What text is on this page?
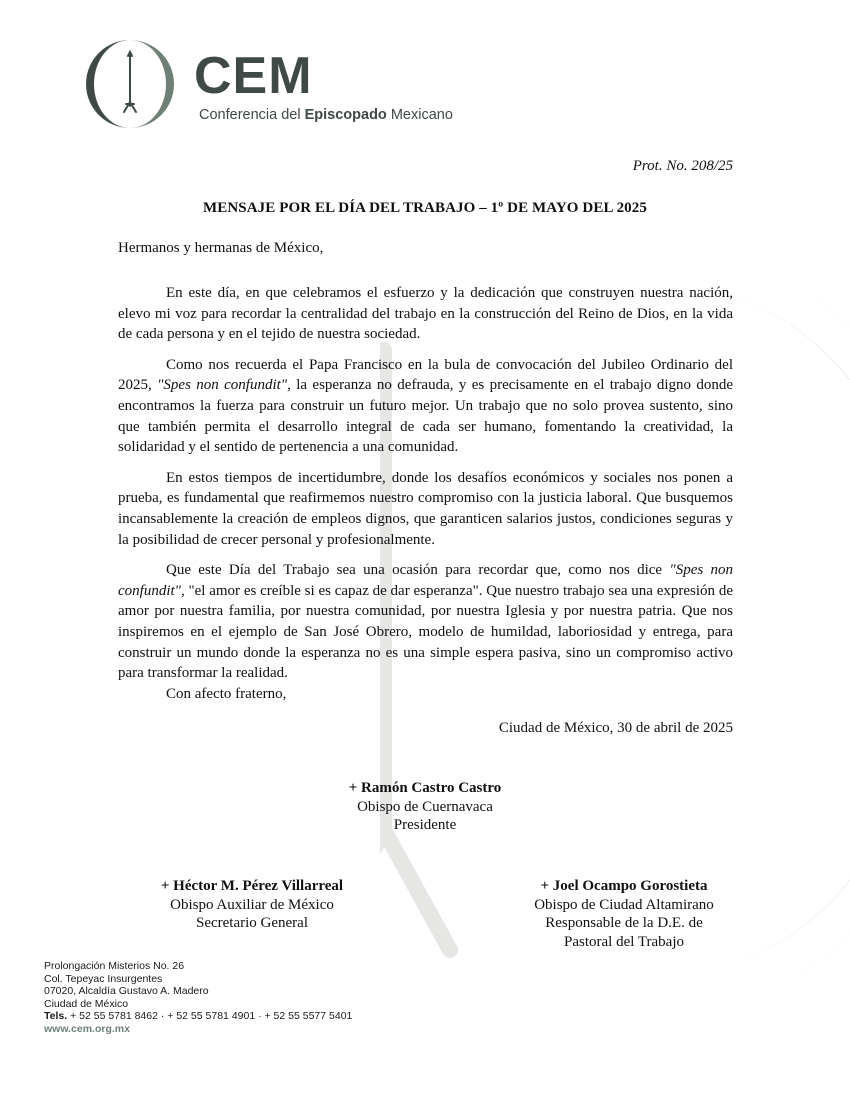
CEM
Conferencia del Episcopado Mexicano
Prot. No. 208/25
MENSAJE POR EL DÍA DEL TRABAJO – 1º DE MAYO DEL 2025
Hermanos y hermanas de México,

En este día, en que celebramos el esfuerzo y la dedicación que construyen nuestra nación, elevo mi voz para recordar la centralidad del trabajo en la construcción del Reino de Dios, en la vida de cada persona y en el tejido de nuestra sociedad.

Como nos recuerda el Papa Francisco en la bula de convocación del Jubileo Ordinario del 2025, "Spes non confundit", la esperanza no defrauda, y es precisamente en el trabajo digno donde encontramos la fuerza para construir un futuro mejor. Un trabajo que no solo provea sustento, sino que también permita el desarrollo integral de cada ser humano, fomentando la creatividad, la solidaridad y el sentido de pertenencia a una comunidad.

En estos tiempos de incertidumbre, donde los desafíos económicos y sociales nos ponen a prueba, es fundamental que reafirmemos nuestro compromiso con la justicia laboral. Que busquemos incansablemente la creación de empleos dignos, que garanticen salarios justos, condiciones seguras y la posibilidad de crecer personal y profesionalmente.

Que este Día del Trabajo sea una ocasión para recordar que, como nos dice "Spes non confundit", "el amor es creíble si es capaz de dar esperanza". Que nuestro trabajo sea una expresión de amor por nuestra familia, por nuestra comunidad, por nuestra Iglesia y por nuestra patria. Que nos inspiremos en el ejemplo de San José Obrero, modelo de humildad, laboriosidad y entrega, para construir un mundo donde la esperanza no es una simple espera pasiva, sino un compromiso activo para transformar la realidad.

Con afecto fraterno,

Ciudad de México, 30 de abril de 2025
+ Ramón Castro Castro
Obispo de Cuernavaca
Presidente
+ Héctor M. Pérez Villarreal
Obispo Auxiliar de México
Secretario General
+ Joel Ocampo Gorostieta
Obispo de Ciudad Altamirano
Responsable de la D.E. de
Pastoral del Trabajo
Prolongación Misterios No. 26
Col. Tepeyac Insurgentes
07020, Alcaldía Gustavo A. Madero
Ciudad de México
Tels. + 52 55 5781 8462 · + 52 55 5781 4901 · + 52 55 5577 5401
www.cem.org.mx
